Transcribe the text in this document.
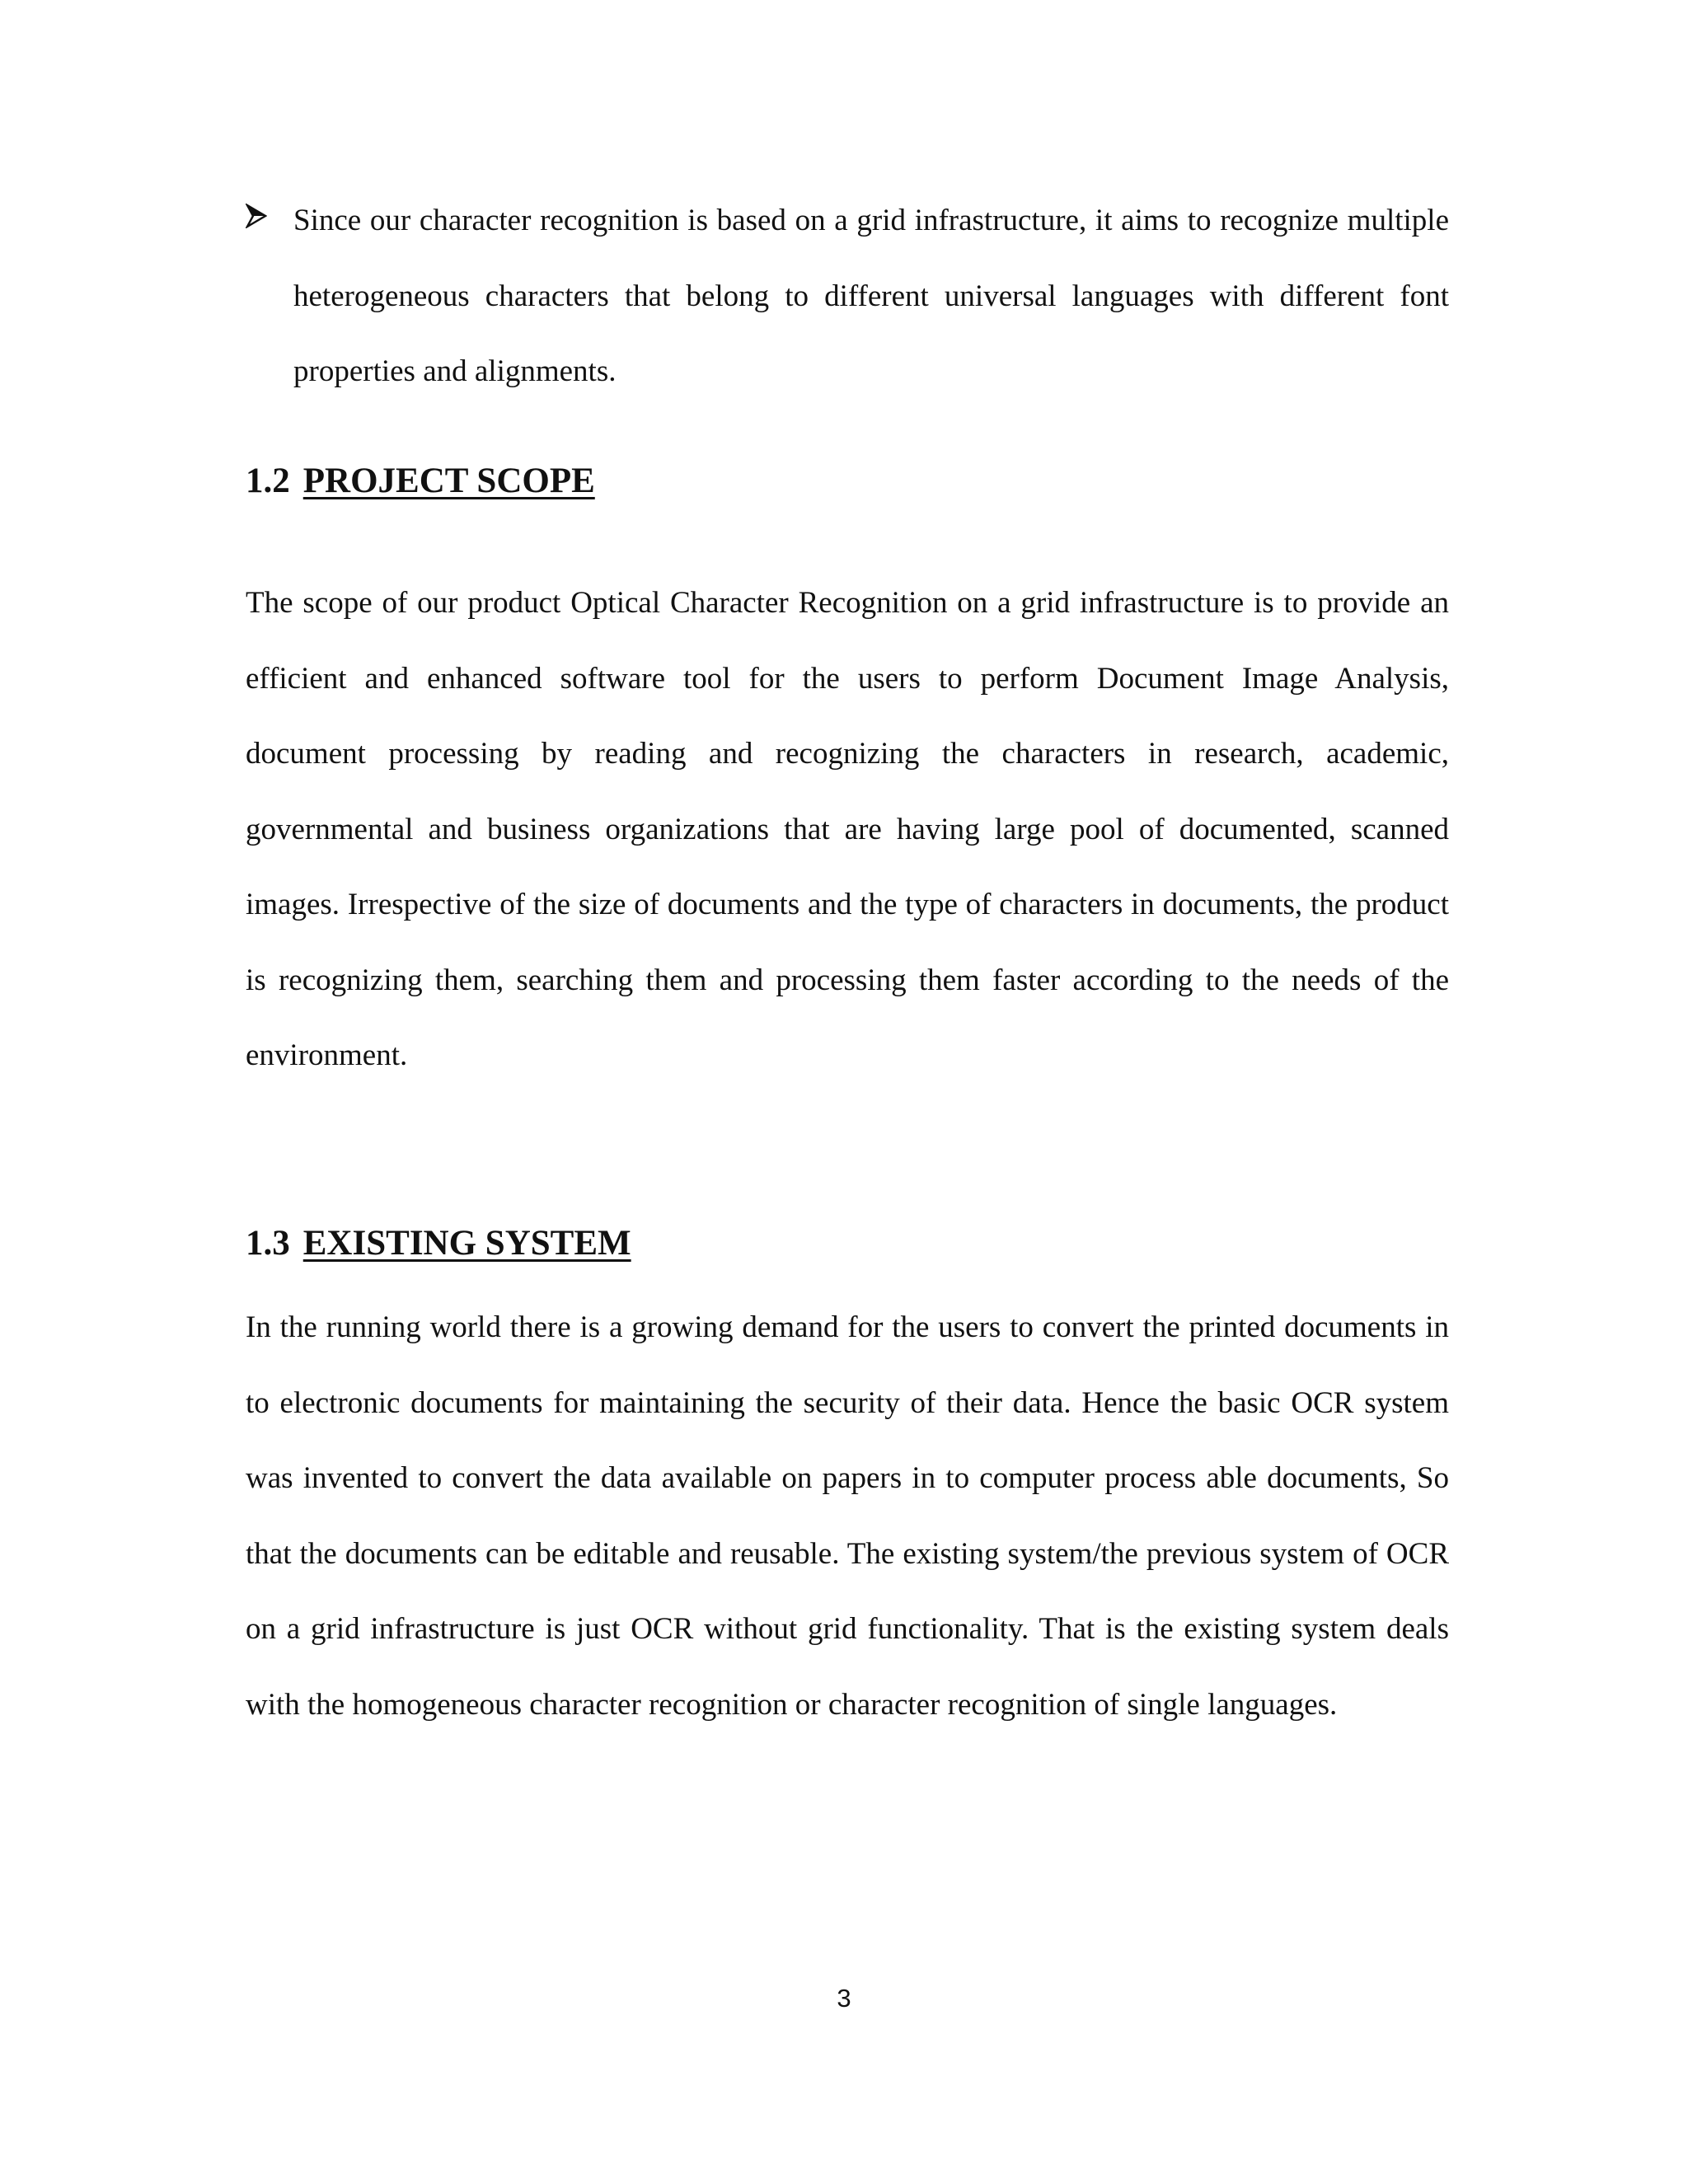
Since our character recognition is based on a grid infrastructure, it aims to recognize multiple heterogeneous characters that belong to different universal languages with different font properties and alignments.
1.2 PROJECT SCOPE

The scope of our product Optical Character Recognition on a grid infrastructure is to provide an efficient and enhanced software tool for the users to perform Document Image Analysis, document processing by reading and recognizing the characters in research, academic, governmental and business organizations that are having large pool of documented, scanned images. Irrespective of the size of documents and the type of characters in documents, the product is recognizing them, searching them and processing them faster according to the needs of the environment.

1.3 EXISTING SYSTEM

In the running world there is a growing demand for the users to convert the printed documents in to electronic documents for maintaining the security of their data. Hence the basic OCR system was invented to convert the data available on papers in to computer process able documents, So that the documents can be editable and reusable. The existing system/the previous system of OCR on a grid infrastructure is just OCR without grid functionality. That is the existing system deals with the homogeneous character recognition or character recognition of single languages.

3
